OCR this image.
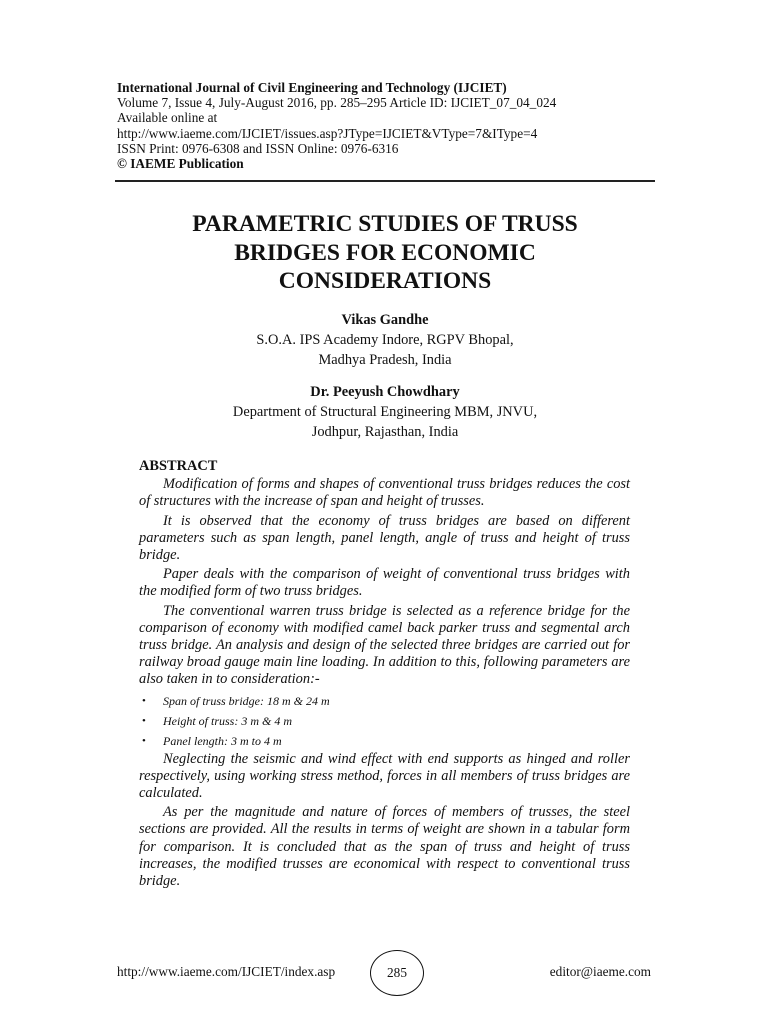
International Journal of Civil Engineering and Technology (IJCIET)
Volume 7, Issue 4, July-August 2016, pp. 285–295 Article ID: IJCIET_07_04_024
Available online at
http://www.iaeme.com/IJCIET/issues.asp?JType=IJCIET&VType=7&IType=4
ISSN Print: 0976-6308 and ISSN Online: 0976-6316
© IAEME Publication
PARAMETRIC STUDIES OF TRUSS
BRIDGES FOR ECONOMIC
CONSIDERATIONS
Vikas Gandhe
S.O.A. IPS Academy Indore, RGPV Bhopal,
Madhya Pradesh, India
Dr. Peeyush Chowdhary
Department of Structural Engineering MBM, JNVU,
Jodhpur, Rajasthan, India
ABSTRACT

Modification of forms and shapes of conventional truss bridges reduces the cost of structures with the increase of span and height of trusses.

It is observed that the economy of truss bridges are based on different parameters such as span length, panel length, angle of truss and height of truss bridge.

Paper deals with the comparison of weight of conventional truss bridges with the modified form of two truss bridges.

The conventional warren truss bridge is selected as a reference bridge for the comparison of economy with modified camel back parker truss and segmental arch truss bridge. An analysis and design of the selected three bridges are carried out for railway broad gauge main line loading. In addition to this, following parameters are also taken in to consideration:-

• Span of truss bridge: 18 m & 24 m
• Height of truss: 3 m & 4 m
• Panel length: 3 m to 4 m

Neglecting the seismic and wind effect with end supports as hinged and roller respectively, using working stress method, forces in all members of truss bridges are calculated.

As per the magnitude and nature of forces of members of trusses, the steel sections are provided. All the results in terms of weight are shown in a tabular form for comparison. It is concluded that as the span of truss and height of truss increases, the modified trusses are economical with respect to conventional truss bridge.

http://www.iaeme.com/IJCIET/index.asp	285	editor@iaeme.com
